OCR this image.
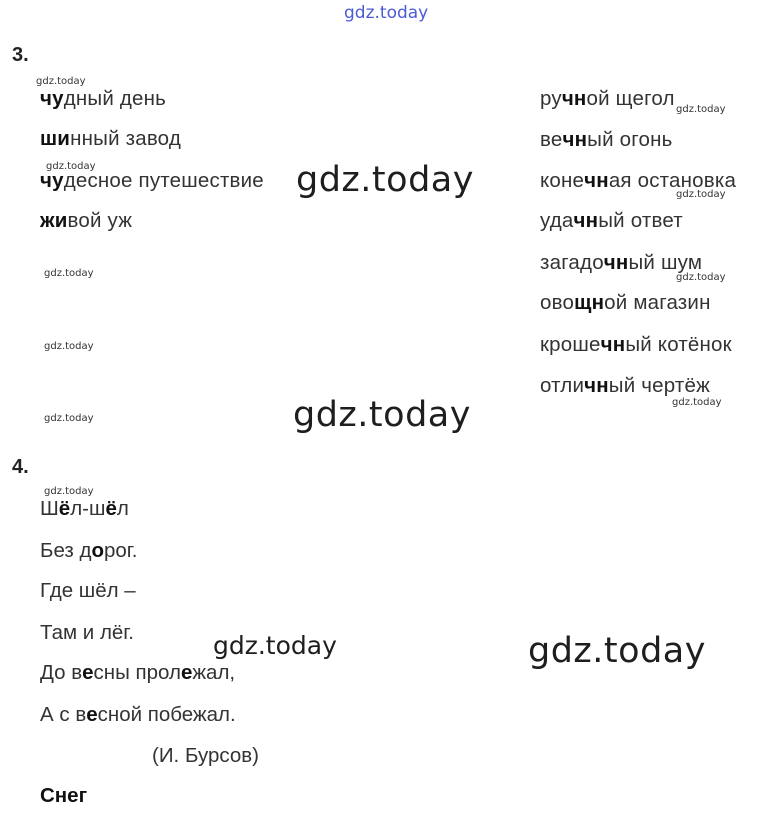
gdz.today
3.
чудный день
шинный завод
чудесное путешествие
живой уж
ручной щегол
вечный огонь
конечная остановка
удачный ответ
загадочный шум
овощной магазин
крошечный котёнок
отличный чертёж
4.
Шёл-шёл
Без дорог.
Где шёл –
Там и лёг.
До весны пролежал,
А с весной побежал.
(И. Бурсов)
Снег
gdz.today
gdz.today
gdz.today
gdz.today
gdz.today
gdz.today
gdz.today
gdz.today
gdz.today
gdz.today
gdz.today
gdz.today
gdz.today
gdz.today
